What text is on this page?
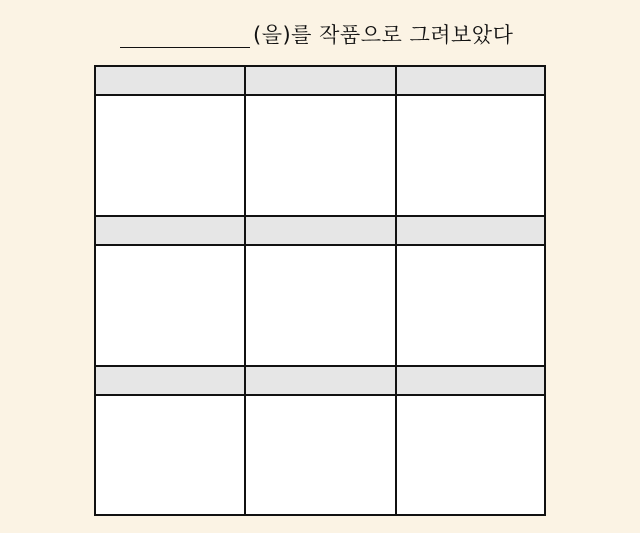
(을)를 작품으로 그려보았다
